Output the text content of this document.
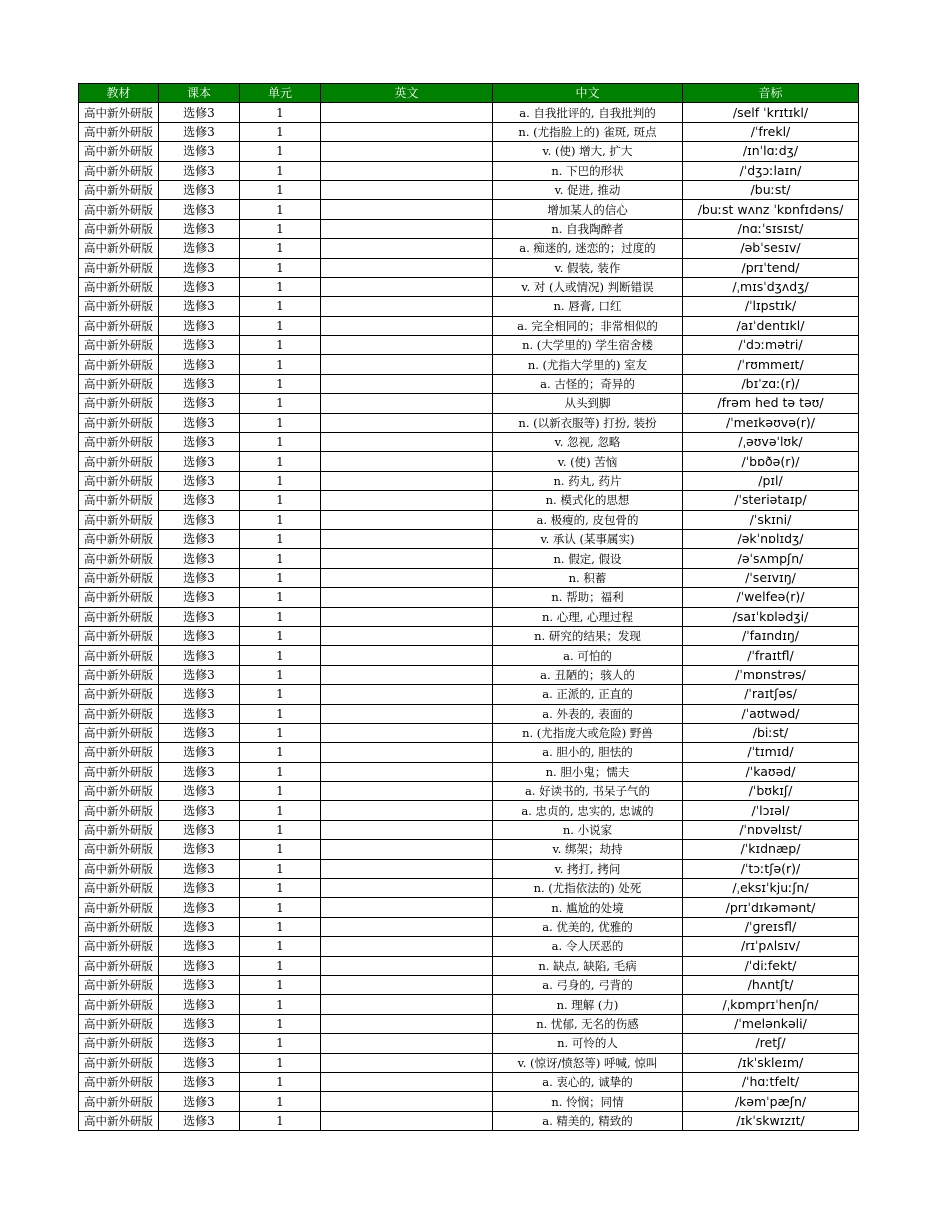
教材	课本	单元	英文	中文	音标
高中新外研版	选修3	1		a. 自我批评的, 自我批判的	/self ˈkrɪtɪkl/
高中新外研版	选修3	1		n. (尤指脸上的) 雀斑, 斑点	/ˈfrekl/
高中新外研版	选修3	1		v. (使) 增大, 扩大	/ɪnˈlɑːdʒ/
高中新外研版	选修3	1		n. 下巴的形状	/ˈdʒɔːlaɪn/
高中新外研版	选修3	1		v. 促进, 推动	/buːst/
高中新外研版	选修3	1		增加某人的信心	/buːst wʌnz ˈkɒnfɪdəns/
高中新外研版	选修3	1		n. 自我陶醉者	/nɑːˈsɪsɪst/
高中新外研版	选修3	1		a. 痴迷的, 迷恋的；过度的	/əbˈsesɪv/
高中新外研版	选修3	1		v. 假装, 装作	/prɪˈtend/
高中新外研版	选修3	1		v. 对 (人或情况) 判断错误	/ˌmɪsˈdʒʌdʒ/
高中新外研版	选修3	1		n. 唇膏, 口红	/ˈlɪpstɪk/
高中新外研版	选修3	1		a. 完全相同的；非常相似的	/aɪˈdentɪkl/
高中新外研版	选修3	1		n. (大学里的) 学生宿舍楼	/ˈdɔːmətri/
高中新外研版	选修3	1		n. (尤指大学里的) 室友	/ˈrʊmmeɪt/
高中新外研版	选修3	1		a. 古怪的；奇异的	/bɪˈzɑː(r)/
高中新外研版	选修3	1		从头到脚	/frəm hed tə təʊ/
高中新外研版	选修3	1		n. (以新衣服等) 打扮, 装扮	/ˈmeɪkəʊvə(r)/
高中新外研版	选修3	1		v. 忽视, 忽略	/ˌəʊvəˈlʊk/
高中新外研版	选修3	1		v. (使) 苦恼	/ˈbɒðə(r)/
高中新外研版	选修3	1		n. 药丸, 药片	/pɪl/
高中新外研版	选修3	1		n. 模式化的思想	/ˈsteriətaɪp/
高中新外研版	选修3	1		a. 极瘦的, 皮包骨的	/ˈskɪni/
高中新外研版	选修3	1		v. 承认 (某事属实)	/əkˈnɒlɪdʒ/
高中新外研版	选修3	1		n. 假定, 假设	/əˈsʌmpʃn/
高中新外研版	选修3	1		n. 积蓄	/ˈseɪvɪŋ/
高中新外研版	选修3	1		n. 帮助；福利	/ˈwelfeə(r)/
高中新外研版	选修3	1		n. 心理, 心理过程	/saɪˈkɒlədʒi/
高中新外研版	选修3	1		n. 研究的结果；发现	/ˈfaɪndɪŋ/
高中新外研版	选修3	1		a. 可怕的	/ˈfraɪtfl/
高中新外研版	选修3	1		a. 丑陋的；骇人的	/ˈmɒnstrəs/
高中新外研版	选修3	1		a. 正派的, 正直的	/ˈraɪtʃəs/
高中新外研版	选修3	1		a. 外表的, 表面的	/ˈaʊtwəd/
高中新外研版	选修3	1		n. (尤指庞大或危险) 野兽	/biːst/
高中新外研版	选修3	1		a. 胆小的, 胆怯的	/ˈtɪmɪd/
高中新外研版	选修3	1		n. 胆小鬼；懦夫	/ˈkaʊəd/
高中新外研版	选修3	1		a. 好读书的, 书呆子气的	/ˈbʊkɪʃ/
高中新外研版	选修3	1		a. 忠贞的, 忠实的, 忠诚的	/ˈlɔɪəl/
高中新外研版	选修3	1		n. 小说家	/ˈnɒvəlɪst/
高中新外研版	选修3	1		v. 绑架；劫持	/ˈkɪdnæp/
高中新外研版	选修3	1		v. 拷打, 拷问	/ˈtɔːtʃə(r)/
高中新外研版	选修3	1		n. (尤指依法的) 处死	/ˌeksɪˈkjuːʃn/
高中新外研版	选修3	1		n. 尴尬的处境	/prɪˈdɪkəmənt/
高中新外研版	选修3	1		a. 优美的, 优雅的	/ˈɡreɪsfl/
高中新外研版	选修3	1		a. 令人厌恶的	/rɪˈpʌlsɪv/
高中新外研版	选修3	1		n. 缺点, 缺陷, 毛病	/ˈdiːfekt/
高中新外研版	选修3	1		a. 弓身的, 弓背的	/hʌntʃt/
高中新外研版	选修3	1		n. 理解 (力)	/ˌkɒmprɪˈhenʃn/
高中新外研版	选修3	1		n. 忧郁, 无名的伤感	/ˈmelənkəli/
高中新外研版	选修3	1		n. 可怜的人	/retʃ/
高中新外研版	选修3	1		v. (惊讶/愤怒等) 呼喊, 惊叫	/ɪkˈskleɪm/
高中新外研版	选修3	1		a. 衷心的, 诚挚的	/ˈhɑːtfelt/
高中新外研版	选修3	1		n. 怜悯；同情	/kəmˈpæʃn/
高中新外研版	选修3	1		a. 精美的, 精致的	/ɪkˈskwɪzɪt/
